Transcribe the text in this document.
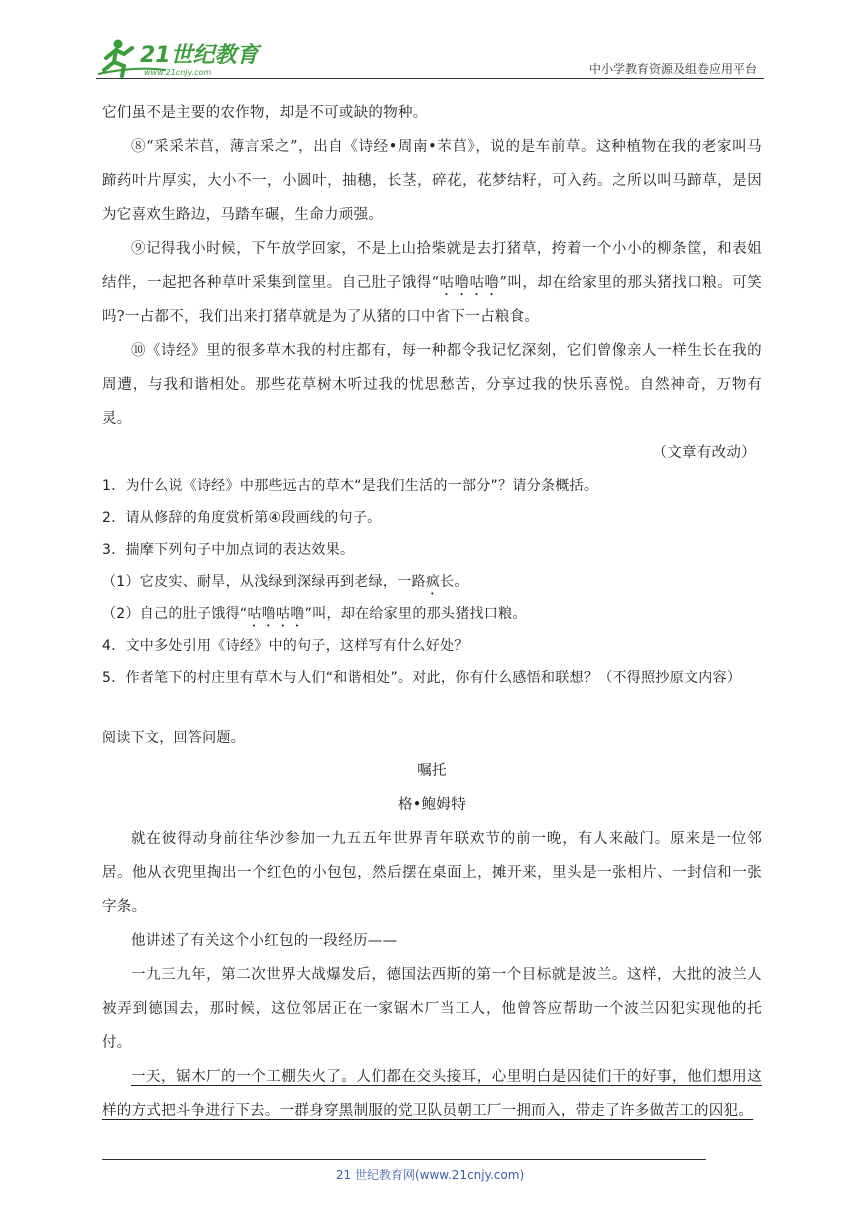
21世纪教育
www.21cnjy.com	中小学教育资源及组卷应用平台

它们虽不是主要的农作物，却是不可或缺的物种。

⑧“采采芣苢，薄言采之”，出自《诗经•周南•芣苢》，说的是车前草。这种植物在我的老家叫马蹄药叶片厚实，大小不一，小圆叶，抽穗，长茎，碎花，花梦结籽，可入药。之所以叫马蹄草，是因为它喜欢生路边，马踏车碾，生命力顽强。

⑨记得我小时候，下午放学回家，不是上山拾柴就是去打猪草，挎着一个小小的柳条筐，和表姐结伴，一起把各种草叶采集到筐里。自己肚子饿得“咕噜咕噜”叫，却在给家里的那头猪找口粮。可笑吗?一占都不，我们出来打猪草就是为了从猪的口中省下一占粮食。

⑩《诗经》里的很多草木我的村庄都有，每一种都令我记忆深刻，它们曾像亲人一样生长在我的周遭，与我和谐相处。那些花草树木听过我的忧思愁苦，分享过我的快乐喜悦。自然神奇，万物有灵。

（文章有改动）

1．为什么说《诗经》中那些远古的草木“是我们生活的一部分”？请分条概括。

2．请从修辞的角度赏析第④段画线的句子。

3．揣摩下列句子中加点词的表达效果。

（1）它皮实、耐旱，从浅绿到深绿再到老绿，一路疯长。

（2）自己的肚子饿得“咕噜咕噜”叫，却在给家里的那头猪找口粮。

4．文中多处引用《诗经》中的句子，这样写有什么好处？

5．作者笔下的村庄里有草木与人们“和谐相处”。对此，你有什么感悟和联想？（不得照抄原文内容）

阅读下文，回答问题。

嘱托

格•鲍姆特

就在彼得动身前往华沙参加一九五五年世界青年联欢节的前一晚，有人来敲门。原来是一位邻居。他从衣兜里掏出一个红色的小包包，然后摆在桌面上，摊开来，里头是一张相片、一封信和一张字条。

他讲述了有关这个小红包的一段经历——

一九三九年，第二次世界大战爆发后，德国法西斯的第一个目标就是波兰。这样，大批的波兰人被弄到德国去，那时候，这位邻居正在一家锯木厂当工人，他曾答应帮助一个波兰囚犯实现他的托付。

一天，锯木厂的一个工棚失火了。人们都在交头接耳，心里明白是囚徒们干的好事，他们想用这样的方式把斗争进行下去。一群身穿黑制服的党卫队员朝工厂一拥而入，带走了许多做苦工的囚犯。

21 世纪教育网(www.21cnjy.com)
